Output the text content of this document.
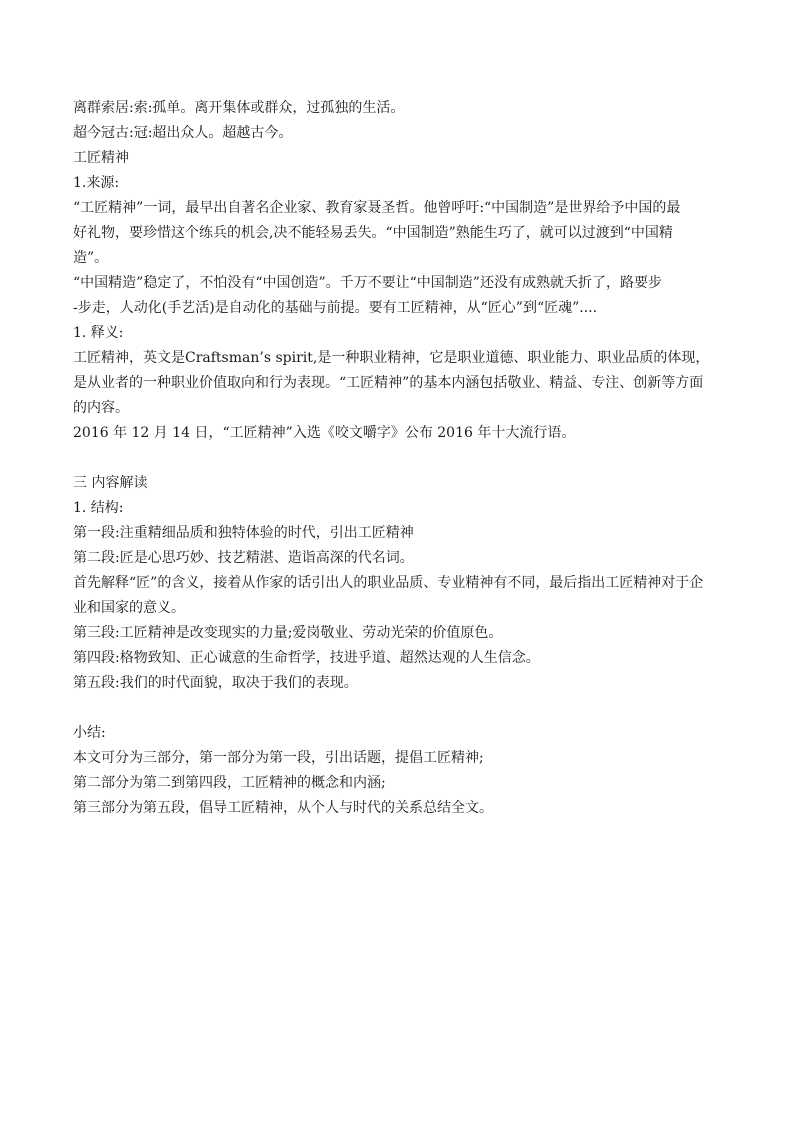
离群索居:索:孤单。离开集体或群众，过孤独的生活。

超今冠古:冠:超出众人。超越古今。

工匠精神

1.来源:

“工匠精神”一词，最早出自著名企业家、教育家聂圣哲。他曾呼吁:“中国制造”是世界给予中国的最

好礼物，要珍惜这个练兵的机会,决不能轻易丢失。“中国制造”熟能生巧了，就可以过渡到“中国精

造”。

“中国精造”稳定了，不怕没有“中国创造”。千万不要让“中国制造”还没有成熟就夭折了，路要步

-步走，人动化(手艺活)是自动化的基础与前提。要有工匠精神，从“匠心”到“匠魂”....

1. 释义:

工匠精神，英文是Craftsman’s spirit,是一种职业精神，它是职业道德、职业能力、职业品质的体现，

是从业者的一种职业价值取向和行为表现。“工匠精神”的基本内涵包括敬业、精益、专注、创新等方面

的内容。

2016 年 12 月 14 日，“工匠精神”入选《咬文嚼字》公布 2016 年十大流行语。

三 内容解读

1. 结构:

第一段:注重精细品质和独特体验的时代，引出工匠精神

第二段:匠是心思巧妙、技艺精湛、造诣高深的代名词。

首先解释“匠”的含义，接着从作家的话引出人的职业品质、专业精神有不同，最后指出工匠精神对于企

业和国家的意义。

第三段:工匠精神是改变现实的力量;爱岗敬业、劳动光荣的价值原色。

第四段:格物致知、正心诚意的生命哲学，技进乎道、超然达观的人生信念。

第五段:我们的时代面貌，取决于我们的表现。

小结:

本文可分为三部分，第一部分为第一段，引出话题，提倡工匠精神;

第二部分为第二到第四段，工匠精神的概念和内涵;

第三部分为第五段，倡导工匠精神，从个人与时代的关系总结全文。
